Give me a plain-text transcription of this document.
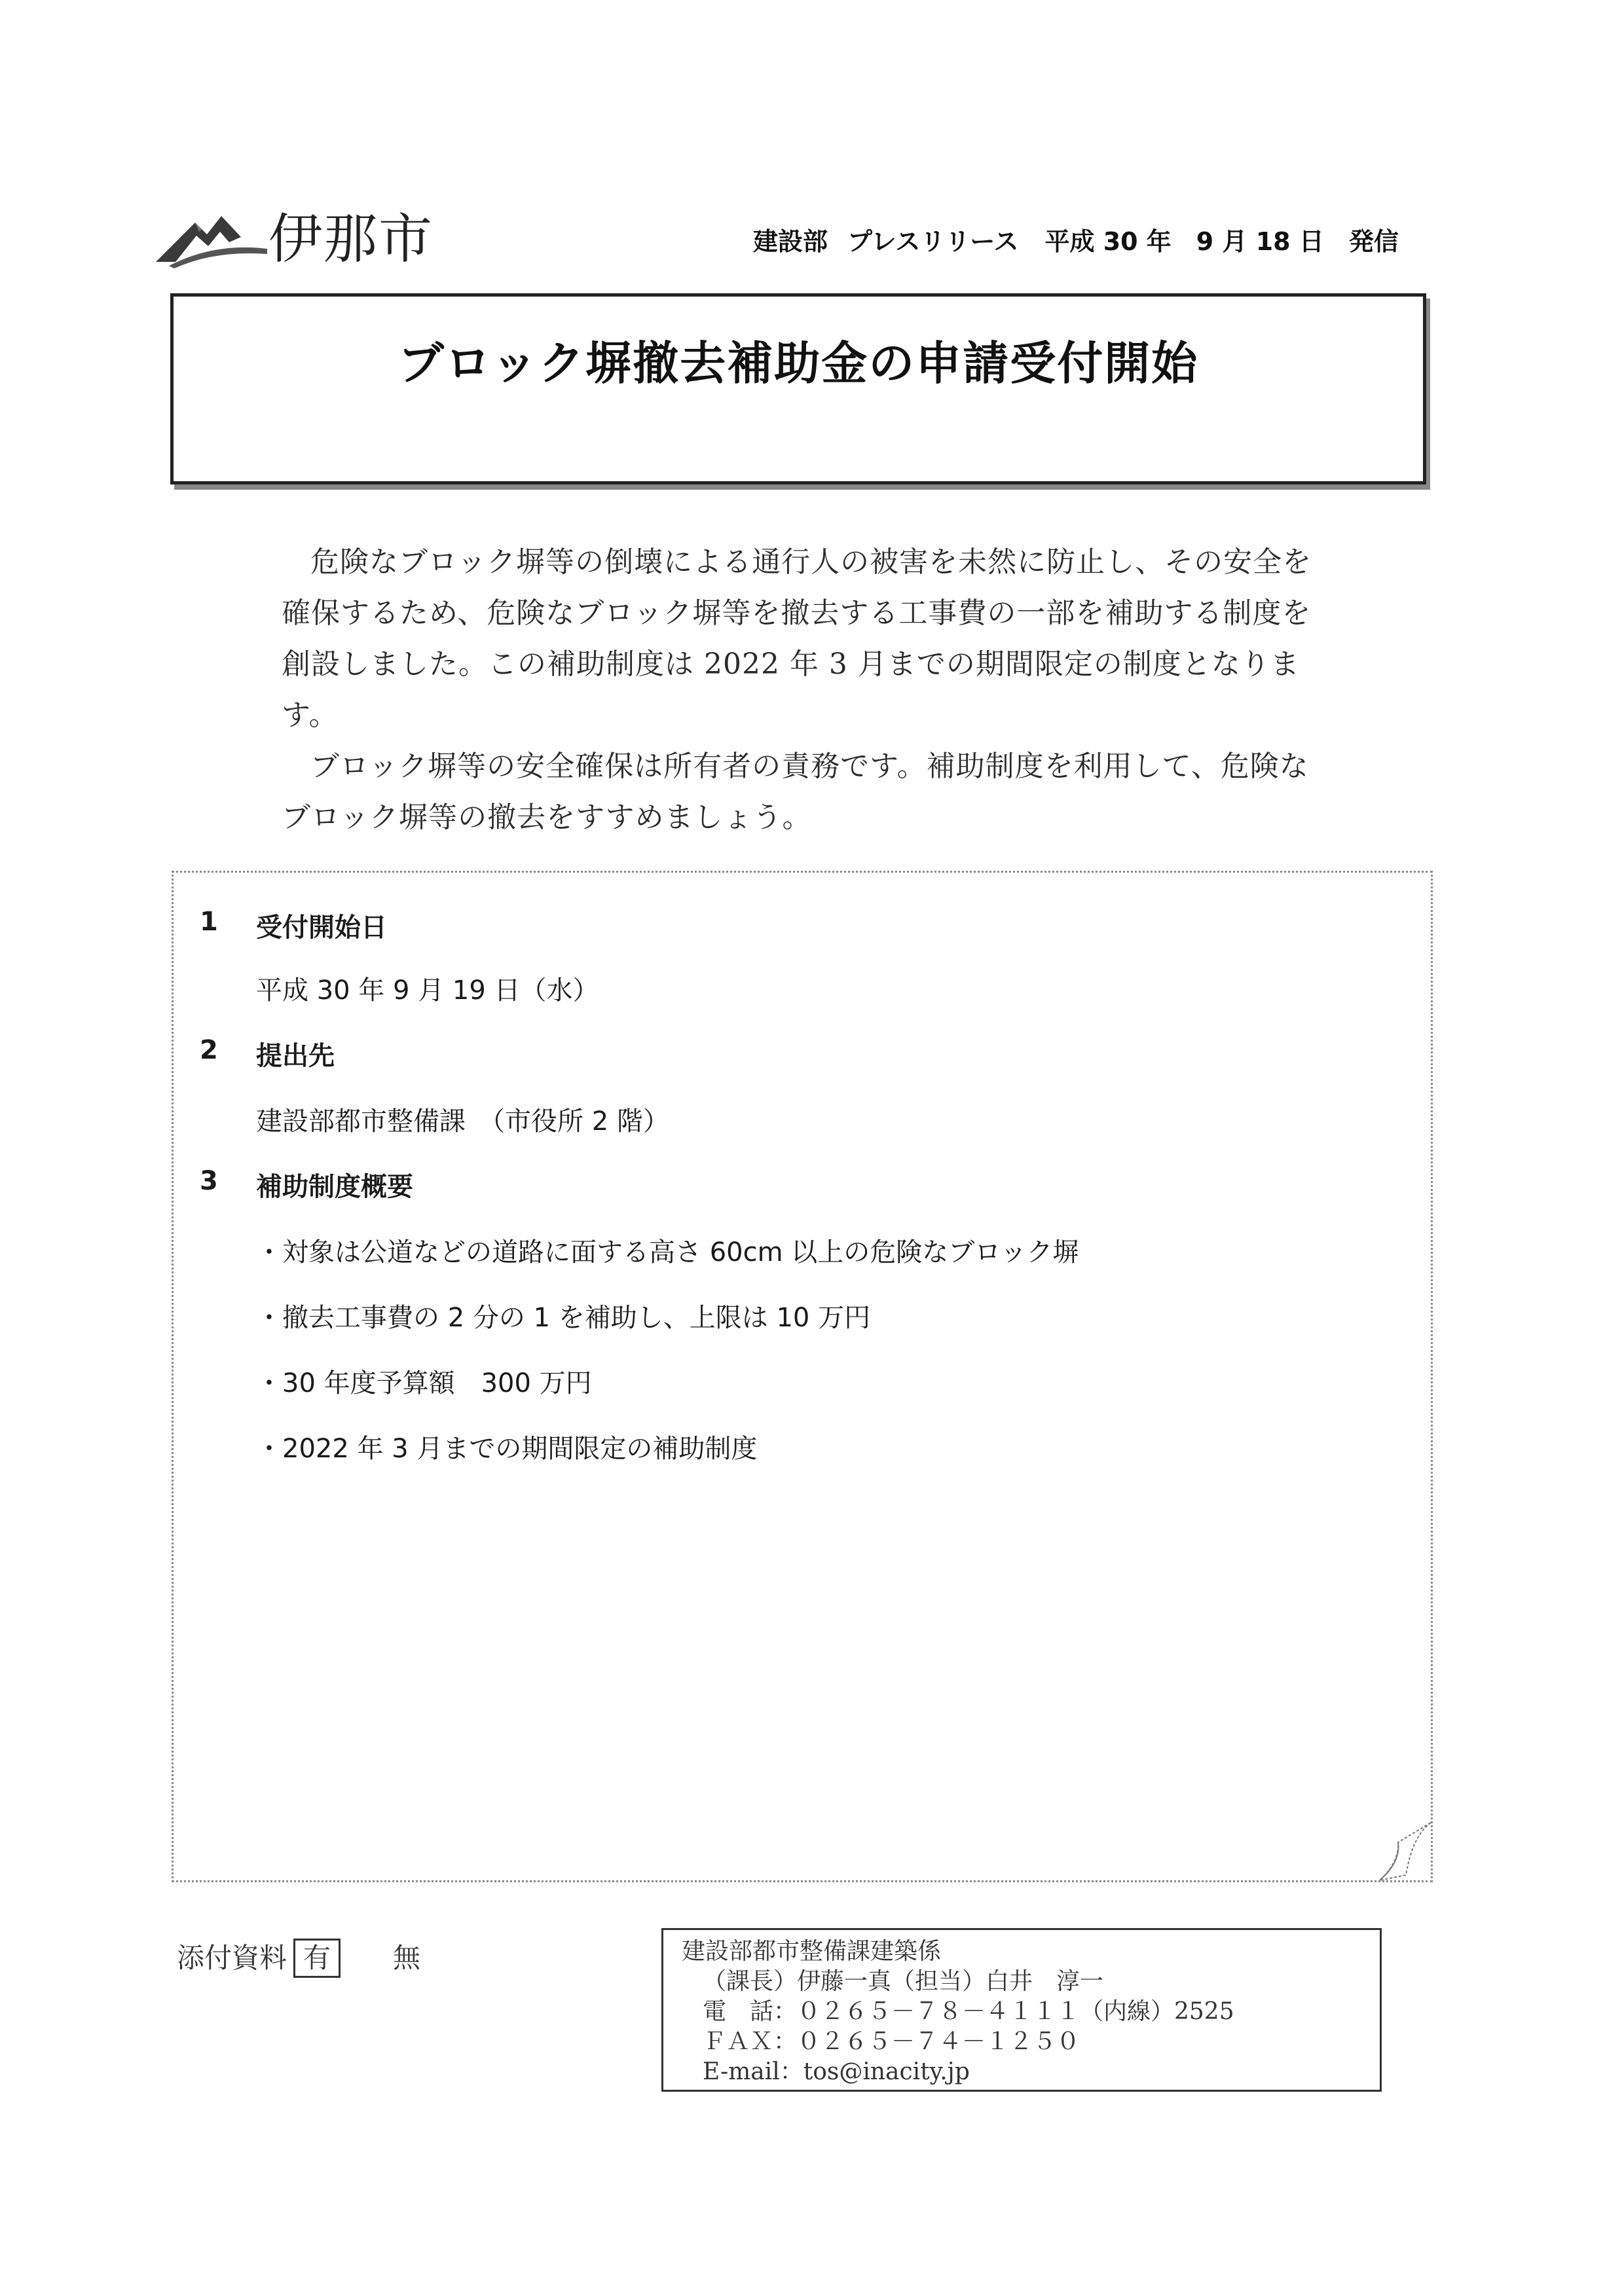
伊那市	建設部 プレスリリース 平成 30 年　9 月 18 日　発信
ブロック塀撤去補助金の申請受付開始

危険なブロック塀等の倒壊による通行人の被害を未然に防止し、その安全を確保するため、危険なブロック塀等を撤去する工事費の一部を補助する制度を創設しました。この補助制度は 2022 年 3 月までの期間限定の制度となります。

ブロック塀等の安全確保は所有者の責務です。補助制度を利用して、危険なブロック塀等の撤去をすすめましょう。

1 受付開始日
平成 30 年 9 月 19 日（水）
2 提出先
建設部都市整備課　（市役所 2 階）
3 補助制度概要
・対象は公道などの道路に面する高さ 60cm 以上の危険なブロック塀
・撤去工事費の 2 分の 1 を補助し、上限は 10 万円
・30 年度予算額　300 万円
・2022 年 3 月までの期間限定の補助制度
添付資料 有 無	建設部都市整備課建築係
（課長）伊藤一真（担当）白井　淳一
電　話：０２６５－７８－４１１１（内線）2525
ＦＡＸ：０２６５－７４－１２５０
E-mail：tos@inacity.jp
